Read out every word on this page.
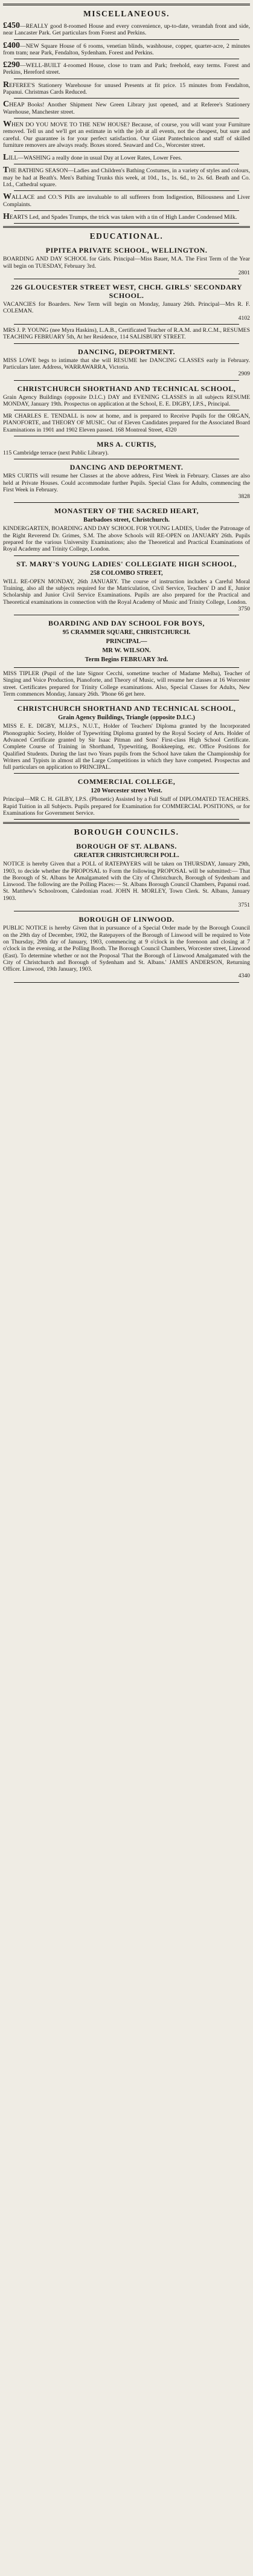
MISCELLANEOUS.

£450—REALLY good 8-roomed House and every convenience, up-to-date, verandah front and side, near Lancaster Park. Get particulars from Forest and Perkins.

£400—NEW Square House of 6 rooms, venetian blinds, washhouse, copper, quarter-acre, 2 minutes from tram; near Park, Fendalton, Sydenham. Forest and Perkins.

£290—WELL-BUILT 4-roomed House, close to tram and Park; freehold, easy terms. Forest and Perkins, Hereford street.

REFEREE'S Stationery Warehouse for unused Presents at fit price. 15 minutes from Fendalton, Papanui. Christmas Cards Reduced.

CHEAP Books! Another Shipment New Green Library just opened, and at Referee's Stationery Warehouse, Manchester street.

WHEN DO YOU MOVE TO THE NEW HOUSE? Because, of course, you will want your Furniture removed. Tell us and we'll get an estimate in with the job at all events, not the cheapest, but sure and careful. Our guarantee is for your perfect satisfaction. Our Giant Pantechnicon and staff of skilled furniture removers are always ready. Boxes stored. Seaward and Co., Worcester street.

LILL—WASHING a really done in usual Day at Lower Rates, Lower Fees.

THE BATHING SEASON—Ladies and Children's Bathing Costumes, in a variety of styles and colours, may be had at Beath's. Men's Bathing Trunks this week, at 10d., 1s., 1s. 6d., to 2s. 6d. Beath and Co. Ltd., Cathedral square.

WALLACE and CO.'S Pills are invaluable to all sufferers from Indigestion, Biliousness and Liver Complaints.

HEARTS Led, and Spades Trumps, the trick was taken with a tin of High Lander Condensed Milk.

EDUCATIONAL.

PIPITEA PRIVATE SCHOOL, WELLINGTON.

BOARDING AND DAY SCHOOL for Girls. Principal—Miss Bauer, M.A. The First Term of the Year will begin on TUESDAY, February 3rd.

2801

226 GLOUCESTER STREET WEST, CHCH. GIRLS' SECONDARY SCHOOL.

VACANCIES for Boarders. New Term will begin on Monday, January 26th. Principal—Mrs R. F. COLEMAN.

4102

MRS J. P. YOUNG (nee Myra Haskins), L.A.B., Certificated Teacher of R.A.M. and R.C.M., RESUMES TEACHING FEBRUARY 5th, At her Residence, 114 SALISBURY STREET.

DANCING, DEPORTMENT.

MISS LOWE begs to intimate that she will RESUME her DANCING CLASSES early in February. Particulars later. Address, WARRAWARRA, Victoria.

2909

CHRISTCHURCH SHORTHAND AND TECHNICAL SCHOOL,

Grain Agency Buildings (opposite D.I.C.) DAY and EVENING CLASSES in all subjects RESUME MONDAY, January 19th. Prospectus on application at the School, E. E. DIGBY, I.P.S., Principal.

MR CHARLES E. TENDALL is now at home, and is prepared to Receive Pupils for the ORGAN, PIANOFORTE, and THEORY OF MUSIC. Out of Eleven Candidates prepared for the Associated Board Examinations in 1901 and 1902 Eleven passed. 168 Montreal Street, 4320

MRS A. CURTIS,

115 Cambridge terrace (next Public Library).

DANCING AND DEPORTMENT.

MRS CURTIS will resume her Classes at the above address, First Week in February. Classes are also held at Private Houses. Could accommodate further Pupils. Special Class for Adults, commencing the First Week in February.

3828

MONASTERY OF THE SACRED HEART,

Barbadoes street, Christchurch.

KINDERGARTEN, BOARDING AND DAY SCHOOL FOR YOUNG LADIES, Under the Patronage of the Right Reverend Dr. Grimes, S.M. The above Schools will RE-OPEN on JANUARY 26th. Pupils prepared for the various University Examinations; also the Theoretical and Practical Examinations of Royal Academy and Trinity College, London.

ST. MARY'S YOUNG LADIES' COLLEGIATE HIGH SCHOOL,

258 COLOMBO STREET,

WILL RE-OPEN MONDAY, 26th JANUARY. The course of instruction includes a Careful Moral Training, also all the subjects required for the Matriculation, Civil Service, Teachers' D and E, Junior Scholarship and Junior Civil Service Examinations. Pupils are also prepared for the Practical and Theoretical examinations in connection with the Royal Academy of Music and Trinity College, London.

3750

BOARDING AND DAY SCHOOL FOR BOYS,

95 CRAMMER SQUARE, CHRISTCHURCH.

PRINCIPAL—

MR W. WILSON.

Term Begins FEBRUARY 3rd.

MISS TIPLER (Pupil of the late Signor Cecchi, sometime teacher of Madame Melba), Teacher of Singing and Voice Production, Pianoforte, and Theory of Music, will resume her classes at 16 Worcester street. Certificates prepared for Trinity College examinations. Also, Special Classes for Adults, New Term commences Monday, January 26th. 'Phone 66 get here.

CHRISTCHURCH SHORTHAND AND TECHNICAL SCHOOL,

Grain Agency Buildings, Triangle (opposite D.I.C.)

MISS E. E. DIGBY, M.I.P.S., N.U.T., Holder of Teachers' Diploma granted by the Incorporated Phonographic Society, Holder of Typewriting Diploma granted by the Royal Society of Arts. Holder of Advanced Certificate granted by Sir Isaac Pitman and Sons' First-class High School Certificate. Complete Course of Training in Shorthand, Typewriting, Bookkeeping, etc. Office Positions for Qualified Students. During the last two Years pupils from the School have taken the Championship for Writers and Typists in almost all the Large Competitions in which they have competed. Prospectus and full particulars on application to PRINCIPAL.

COMMERCIAL COLLEGE,

120 Worcester street West.

Principal—MR C. H. GILBY, I.P.S. (Phonetic) Assisted by a Full Staff of DIPLOMATED TEACHERS. Rapid Tuition in all Subjects. Pupils prepared for Examination for COMMERCIAL POSITIONS, or for Examinations for Government Service.

BOROUGH COUNCILS.

BOROUGH OF ST. ALBANS.

GREATER CHRISTCHURCH POLL.

NOTICE is hereby Given that a POLL of RATEPAYERS will be taken on THURSDAY, January 29th, 1903, to decide whether the PROPOSAL to Form the following PROPOSAL will be submitted:— That the Borough of St. Albans be Amalgamated with the City of Christchurch, Borough of Sydenham and Linwood. The following are the Polling Places:— St. Albans Borough Council Chambers, Papanui road. St. Matthew's Schoolroom, Caledonian road. JOHN H. MORLEY, Town Clerk. St. Albans, January 1903.

3751

BOROUGH OF LINWOOD.

PUBLIC NOTICE is hereby Given that in pursuance of a Special Order made by the Borough Council on the 29th day of December, 1902, the Ratepayers of the Borough of Linwood will be required to Vote on Thursday, 29th day of January, 1903, commencing at 9 o'clock in the forenoon and closing at 7 o'clock in the evening, at the Polling Booth. The Borough Council Chambers, Worcester street, Linwood (East). To determine whether or not the Proposal 'That the Borough of Linwood Amalgamated with the City of Christchurch and Borough of Sydenham and St. Albans.' JAMES ANDERSON, Returning Officer. Linwood, 19th January, 1903.

4340
